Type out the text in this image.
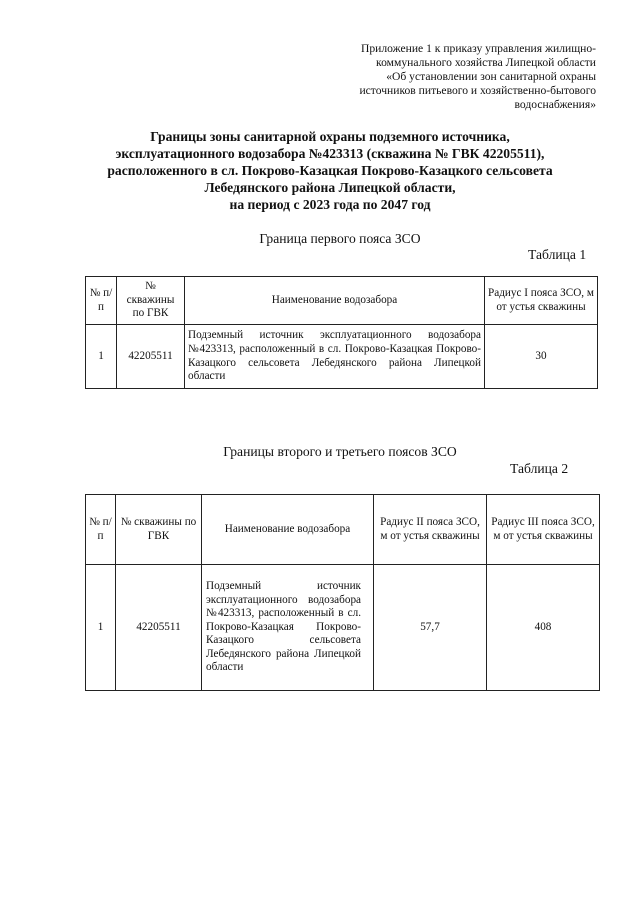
Приложение 1 к приказу управления жилищно-
коммунального хозяйства Липецкой области
«Об установлении зон санитарной охраны
источников питьевого и хозяйственно-бытового
водоснабжения»
Границы зоны санитарной охраны подземного источника,
эксплуатационного водозабора №423313 (скважина № ГВК 42205511),
расположенного в сл. Покрово-Казацкая Покрово-Казацкого сельсовета
Лебедянского района Липецкой области,
на период с 2023 года по 2047 год
Граница первого пояса ЗСО
Таблица 1
№ п/п	№ скважины по ГВК	Наименование водозабора	Радиус I пояса ЗСО, м от устья скважины
1	42205511	Подземный источник эксплуатационного водозабора №423313, расположенный в сл. Покрово-Казацкая Покрово-Казацкого сельсовета Лебедянского района Липецкой области	30
Границы второго и третьего поясов ЗСО
Таблица 2
№ п/п	№ скважины по ГВК	Наименование водозабора	Радиус II пояса ЗСО, м от устья скважины	Радиус III пояса ЗСО, м от устья скважины
1	42205511	Подземный источник эксплуатационного водозабора №423313, расположенный в сл. Покрово-Казацкая Покрово-Казацкого сельсовета Лебедянского района Липецкой области	57,7	408
